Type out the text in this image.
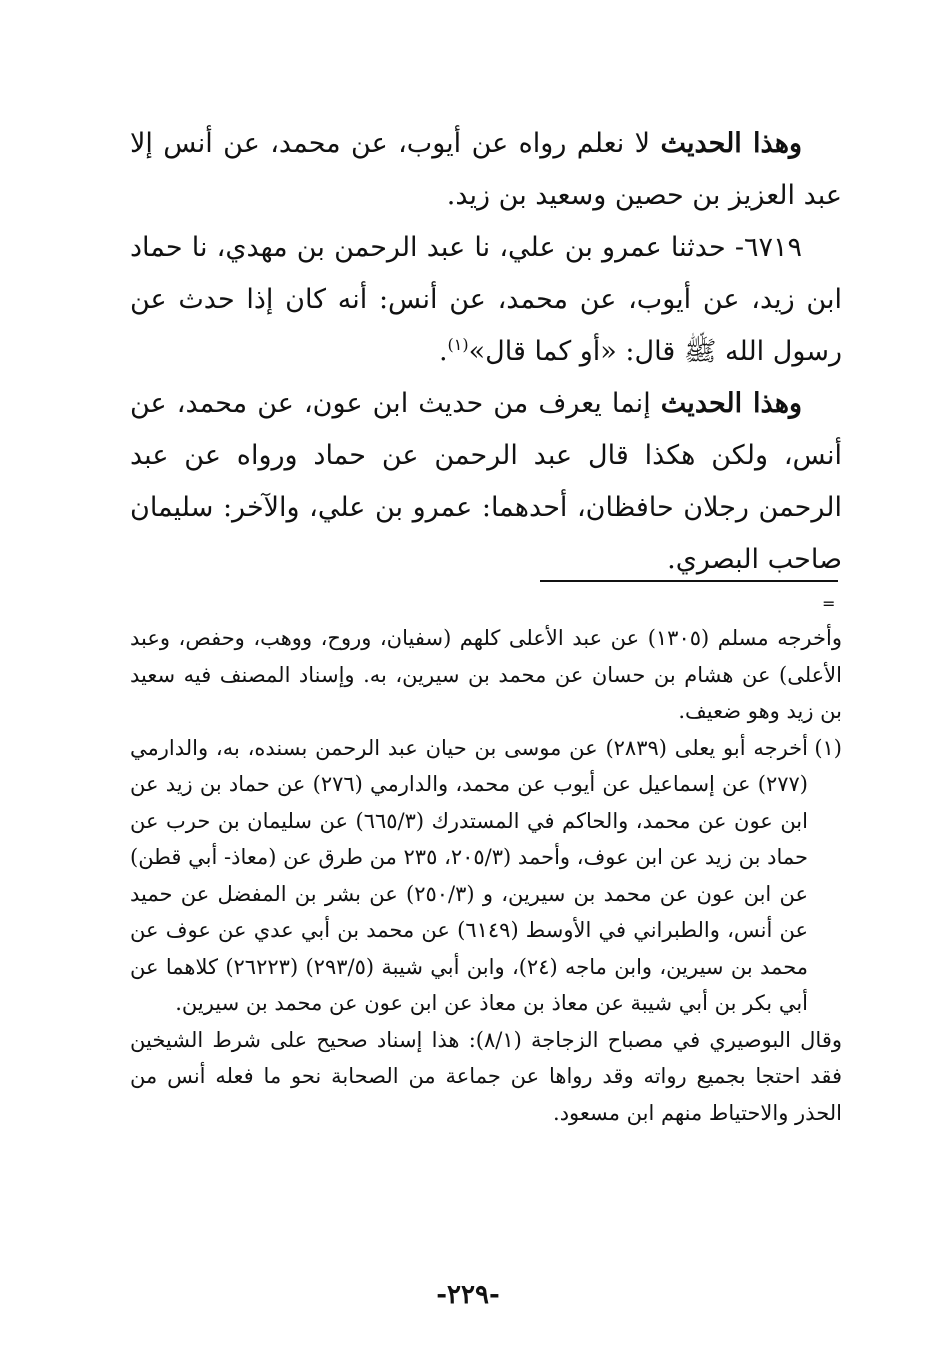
وهذا الحديث لا نعلم رواه عن أيوب، عن محمد، عن أنس إلا عبد العزيز بن حصين وسعيد بن زيد.

٦٧١٩- حدثنا عمرو بن علي، نا عبد الرحمن بن مهدي، نا حماد ابن زيد، عن أيوب، عن محمد، عن أنس: أنه كان إذا حدث عن رسول الله ﷺ قال: «أو كما قال»$^{(١)}$.

وهذا الحديث إنما يعرف من حديث ابن عون، عن محمد، عن أنس، ولكن هكذا قال عبد الرحمن عن حماد ورواه عن عبد الرحمن رجلان حافظان، أحدهما: عمرو بن علي، والآخر: سليمان صاحب البصري.

=

وأخرجه مسلم (١٣٠٥) عن عبد الأعلى كلهم (سفيان، وروح، ووهب، وحفص، وعبد الأعلى) عن هشام بن حسان عن محمد بن سيرين، به. وإسناد المصنف فيه سعيد بن زيد وهو ضعيف.

(١)
أخرجه أبو يعلى (٢٨٣٩) عن موسى بن حيان عبد الرحمن بسنده، به، والدارمي (٢٧٧) عن إسماعيل عن أيوب عن محمد، والدارمي (٢٧٦) عن حماد بن زيد عن ابن عون عن محمد، والحاكم في المستدرك (٦٦٥/٣) عن سليمان بن حرب عن حماد بن زيد عن ابن عوف، وأحمد (٢٠٥/٣، ٢٣٥ من طرق عن (معاذ- أبي قطن) عن ابن عون عن محمد بن سيرين، و (٢٥٠/٣) عن بشر بن المفضل عن حميد عن أنس، والطبراني في الأوسط (٦١٤٩) عن محمد بن أبي عدي عن عوف عن محمد بن سيرين، وابن ماجه (٢٤)، وابن أبي شيبة (٢٩٣/٥) (٢٦٢٢٣) كلاهما عن أبي بكر بن أبي شيبة عن معاذ بن معاذ عن ابن عون عن محمد بن سيرين.

وقال البوصيري في مصباح الزجاجة (٨/١): هذا إسناد صحيح على شرط الشيخين فقد احتجا بجميع رواته وقد رواها عن جماعة من الصحابة نحو ما فعله أنس من الحذر والاحتياط منهم ابن مسعود.

-٢٢٩-
